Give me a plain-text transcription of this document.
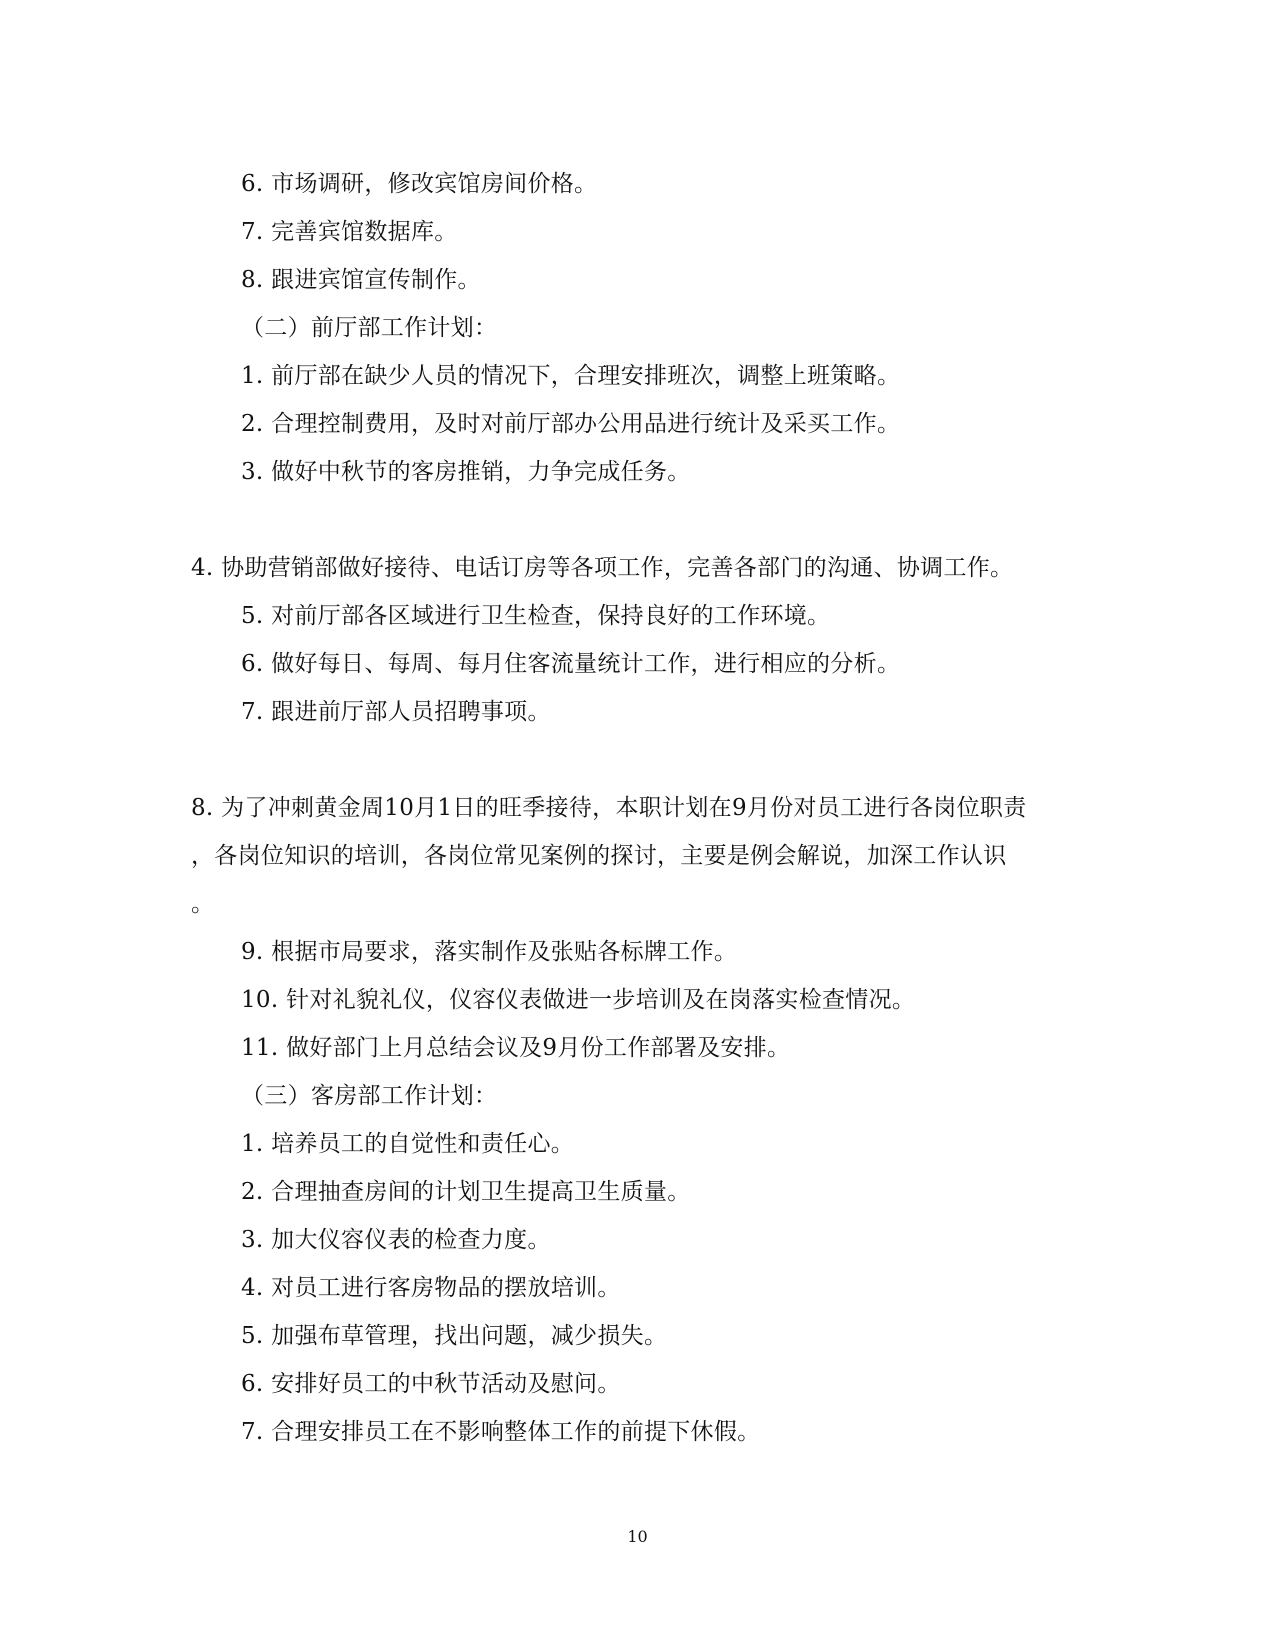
6. 市场调研，修改宾馆房间价格。
7. 完善宾馆数据库。
8. 跟进宾馆宣传制作。
（二）前厅部工作计划：
1. 前厅部在缺少人员的情况下，合理安排班次，调整上班策略。
2. 合理控制费用，及时对前厅部办公用品进行统计及采买工作。
3. 做好中秋节的客房推销，力争完成任务。
4. 协助营销部做好接待、电话订房等各项工作，完善各部门的沟通、协调工作。
5. 对前厅部各区域进行卫生检查，保持良好的工作环境。
6. 做好每日、每周、每月住客流量统计工作，进行相应的分析。
7. 跟进前厅部人员招聘事项。
8. 为了冲刺黄金周10月1日的旺季接待，本职计划在9月份对员工进行各岗位职责
，各岗位知识的培训，各岗位常见案例的探讨，主要是例会解说，加深工作认识
。
9. 根据市局要求，落实制作及张贴各标牌工作。
10. 针对礼貌礼仪，仪容仪表做进一步培训及在岗落实检查情况。
11. 做好部门上月总结会议及9月份工作部署及安排。
（三）客房部工作计划：
1. 培养员工的自觉性和责任心。
2. 合理抽查房间的计划卫生提高卫生质量。
3. 加大仪容仪表的检查力度。
4. 对员工进行客房物品的摆放培训。
5. 加强布草管理，找出问题，减少损失。
6. 安排好员工的中秋节活动及慰问。
7. 合理安排员工在不影响整体工作的前提下休假。
10
